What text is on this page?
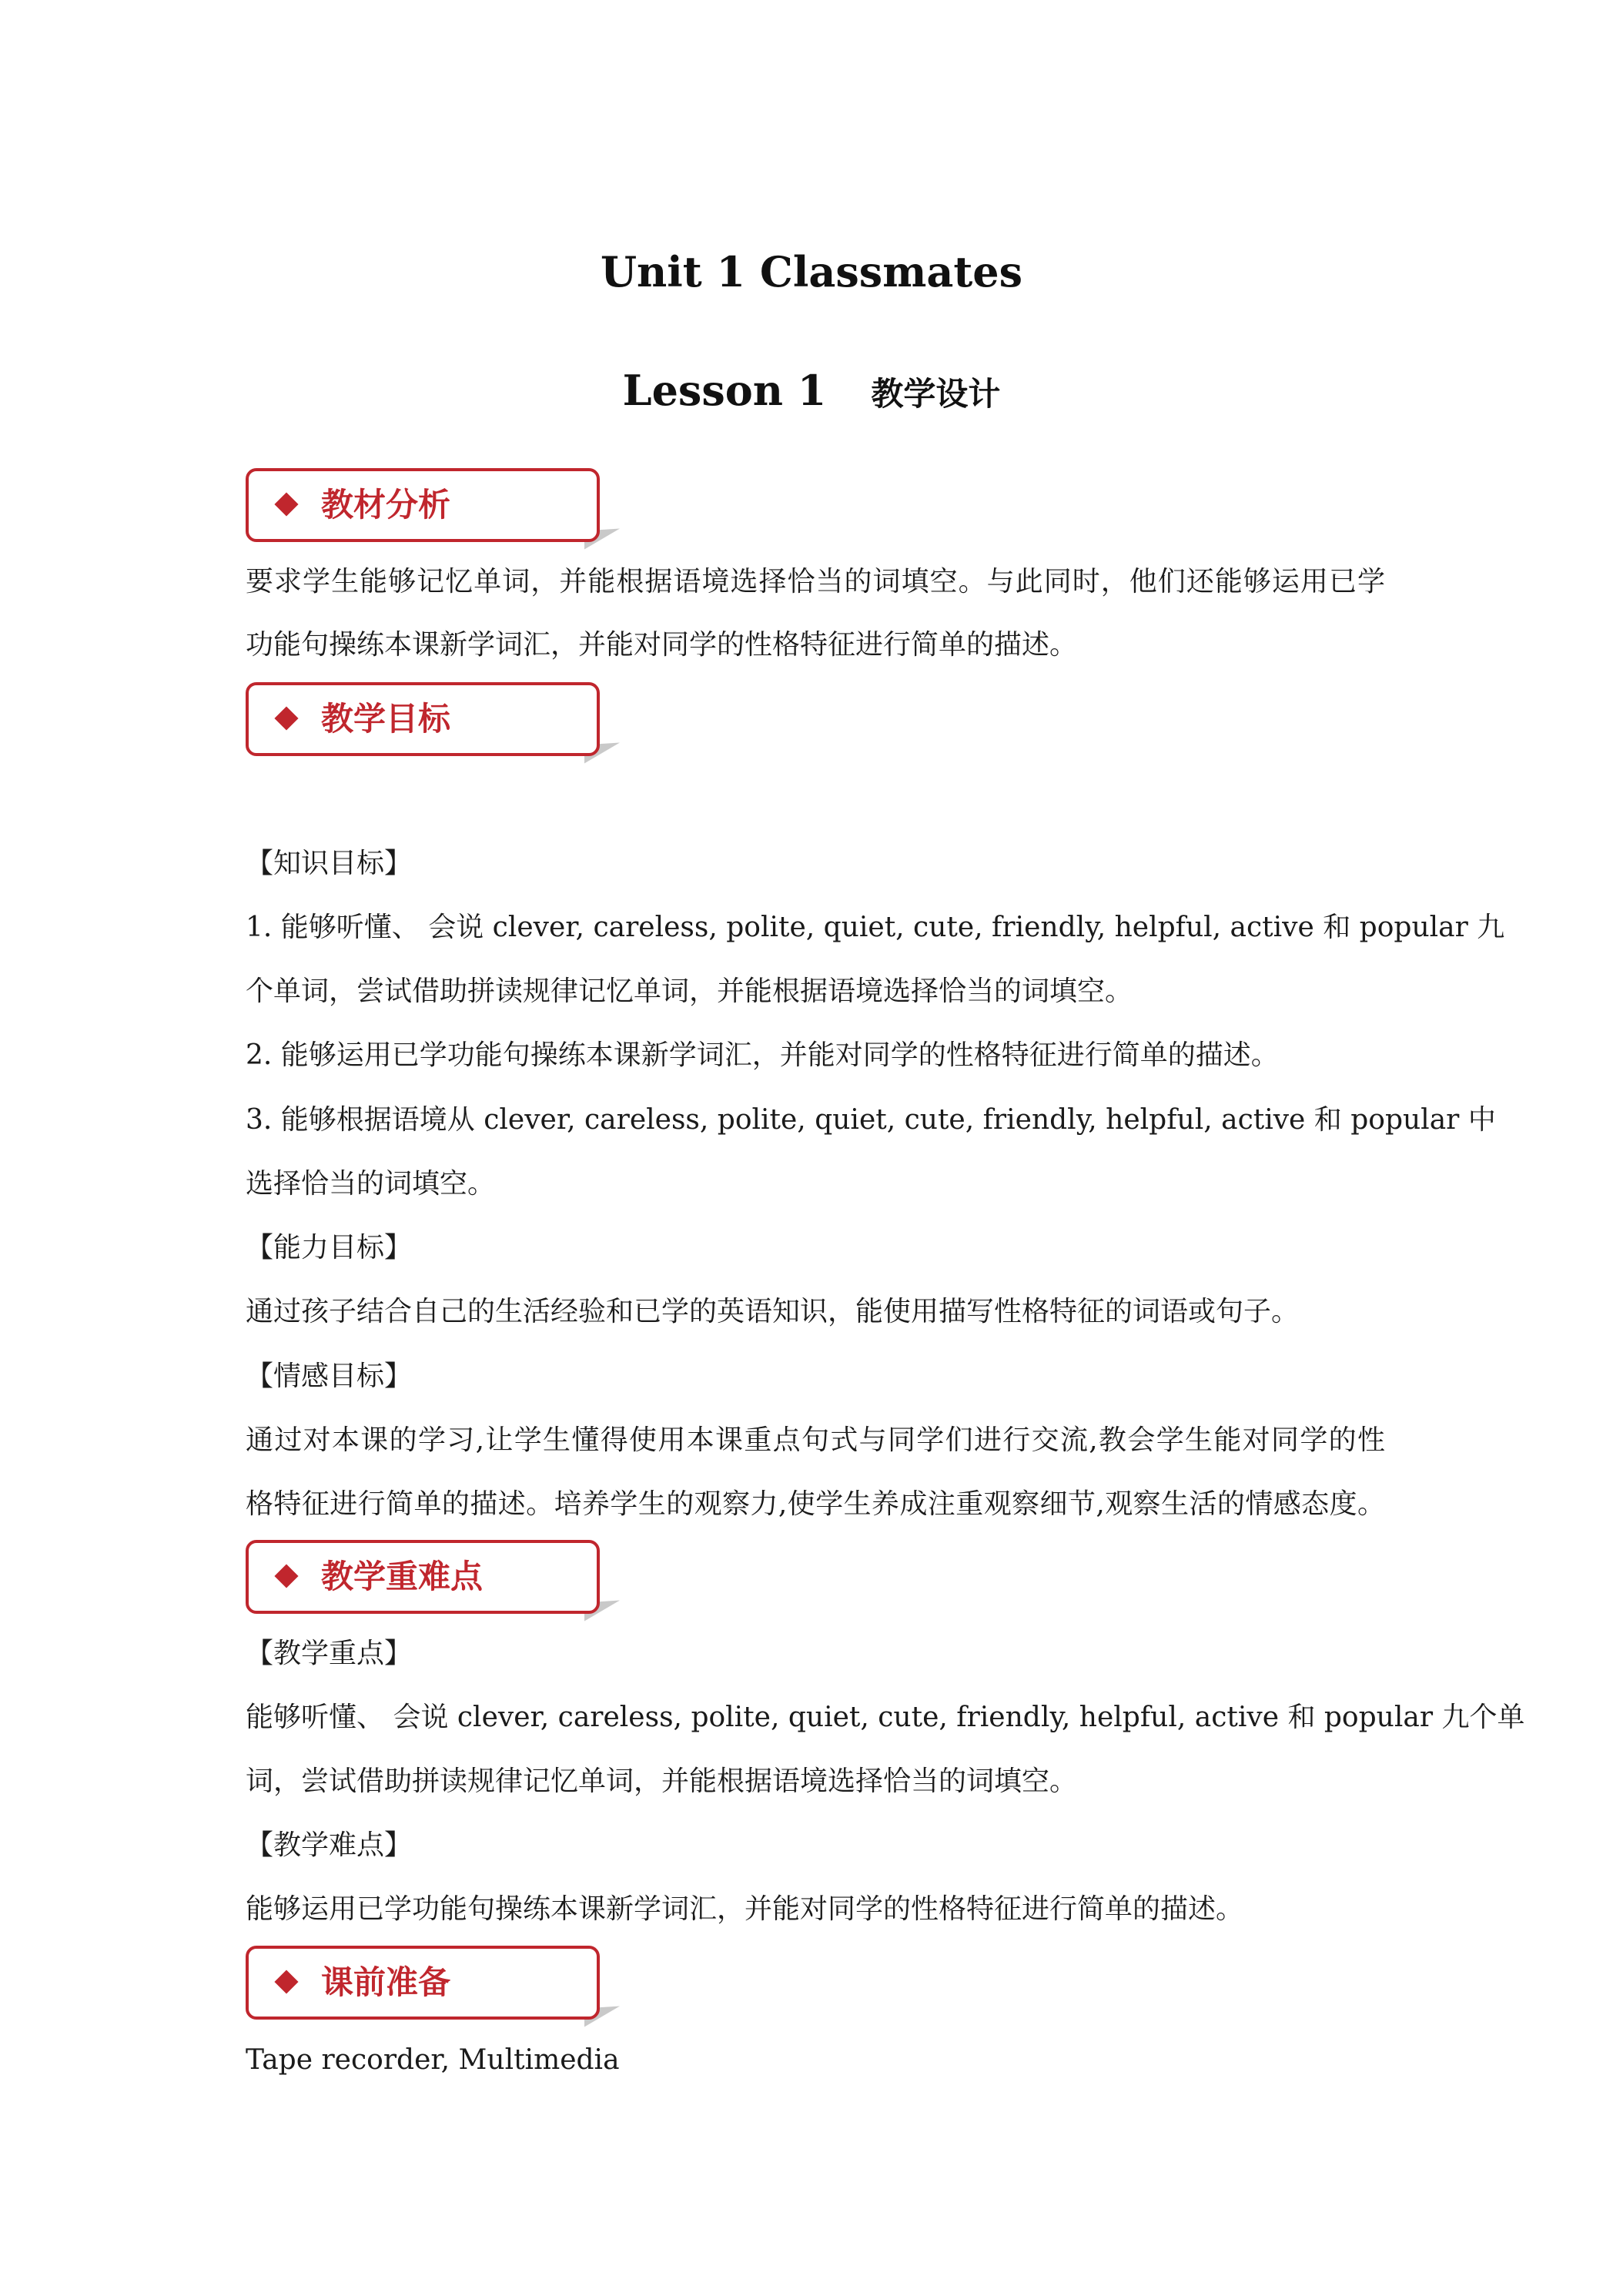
Unit 1 Classmates
Lesson 1 教学设计
教材分析
要求学生能够记忆单词，并能根据语境选择恰当的词填空。与此同时，他们还能够运用已学
功能句操练本课新学词汇，并能对同学的性格特征进行简单的描述。
教学目标
【知识目标】
1. 能够听懂、 会说 clever, careless, polite, quiet, cute, friendly, helpful, active 和 popular 九
个单词，尝试借助拼读规律记忆单词，并能根据语境选择恰当的词填空。
2. 能够运用已学功能句操练本课新学词汇，并能对同学的性格特征进行简单的描述。
3. 能够根据语境从 clever, careless, polite, quiet, cute, friendly, helpful, active 和 popular 中
选择恰当的词填空。
【能力目标】
通过孩子结合自己的生活经验和已学的英语知识，能使用描写性格特征的词语或句子。
【情感目标】
通过对本课的学习,让学生懂得使用本课重点句式与同学们进行交流,教会学生能对同学的性
格特征进行简单的描述。培养学生的观察力,使学生养成注重观察细节,观察生活的情感态度。
教学重难点
【教学重点】
能够听懂、 会说 clever, careless, polite, quiet, cute, friendly, helpful, active 和 popular 九个单
词，尝试借助拼读规律记忆单词，并能根据语境选择恰当的词填空。
【教学难点】
能够运用已学功能句操练本课新学词汇，并能对同学的性格特征进行简单的描述。
课前准备
Tape recorder, Multimedia
